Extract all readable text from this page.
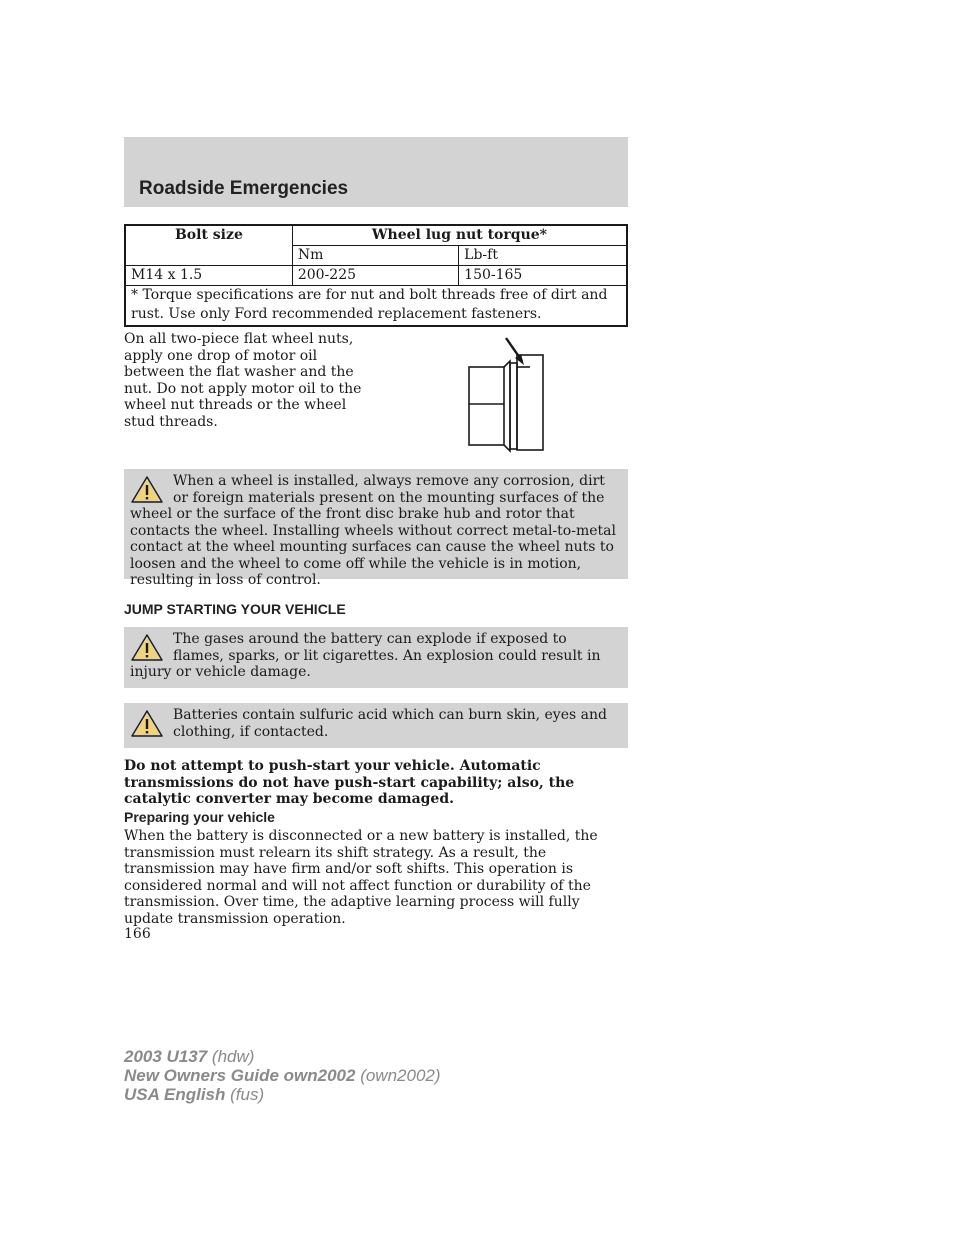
Roadside Emergencies
Bolt size	Wheel lug nut torque*	
	Nm	Lb-ft
M14 x 1.5	200-225	150-165
* Torque specifications are for nut and bolt threads free of dirt and rust. Use only Ford recommended replacement fasteners.		
On all two-piece flat wheel nuts, apply one drop of motor oil between the flat washer and the nut. Do not apply motor oil to the wheel nut threads or the wheel stud threads.
When a wheel is installed, always remove any corrosion, dirt or foreign materials present on the mounting surfaces of the wheel or the surface of the front disc brake hub and rotor that contacts the wheel. Installing wheels without correct metal-to-metal contact at the wheel mounting surfaces can cause the wheel nuts to loosen and the wheel to come off while the vehicle is in motion, resulting in loss of control.
JUMP STARTING YOUR VEHICLE
The gases around the battery can explode if exposed to flames, sparks, or lit cigarettes. An explosion could result in injury or vehicle damage.
Batteries contain sulfuric acid which can burn skin, eyes and clothing, if contacted.
Do not attempt to push-start your vehicle. Automatic transmissions do not have push-start capability; also, the catalytic converter may become damaged.
Preparing your vehicle
When the battery is disconnected or a new battery is installed, the transmission must relearn its shift strategy. As a result, the transmission may have firm and/or soft shifts. This operation is considered normal and will not affect function or durability of the transmission. Over time, the adaptive learning process will fully update transmission operation.
166
2003 U137 (hdw)
New Owners Guide own2002 (own2002)
USA English (fus)
